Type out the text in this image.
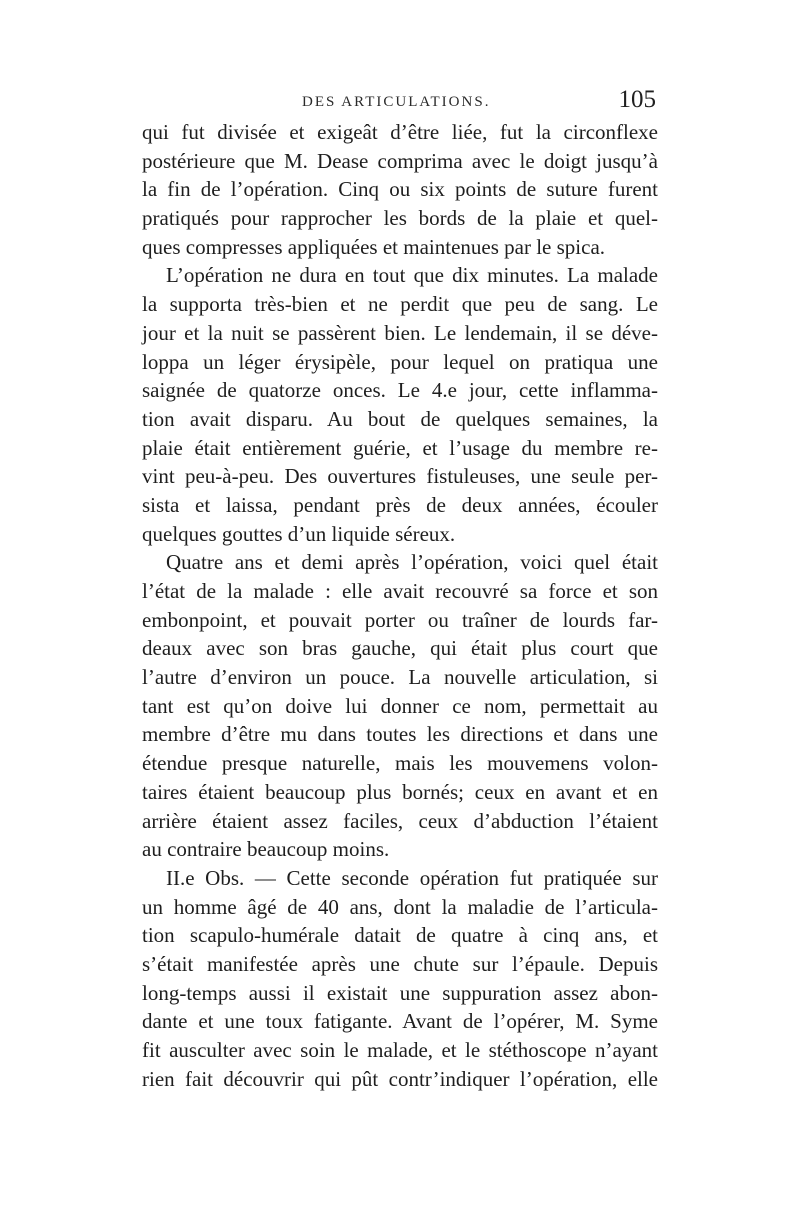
DES ARTICULATIONS.	105
qui fut divisée et exigeât d’être liée, fut la circonflexe
postérieure que M. Dease comprima avec le doigt jusqu’à
la fin de l’opération. Cinq ou six points de suture furent
pratiqués pour rapprocher les bords de la plaie et quel-
ques compresses appliquées et maintenues par le spica.
L’opération ne dura en tout que dix minutes. La malade
la supporta très-bien et ne perdit que peu de sang. Le
jour et la nuit se passèrent bien. Le lendemain, il se déve-
loppa un léger érysipèle, pour lequel on pratiqua une
saignée de quatorze onces. Le 4.e jour, cette inflamma-
tion avait disparu. Au bout de quelques semaines, la
plaie était entièrement guérie, et l’usage du membre re-
vint peu-à-peu. Des ouvertures fistuleuses, une seule per-
sista et laissa, pendant près de deux années, écouler
quelques gouttes d’un liquide séreux.
Quatre ans et demi après l’opération, voici quel était
l’état de la malade : elle avait recouvré sa force et son
embonpoint, et pouvait porter ou traîner de lourds far-
deaux avec son bras gauche, qui était plus court que
l’autre d’environ un pouce. La nouvelle articulation, si
tant est qu’on doive lui donner ce nom, permettait au
membre d’être mu dans toutes les directions et dans une
étendue presque naturelle, mais les mouvemens volon-
taires étaient beaucoup plus bornés; ceux en avant et en
arrière étaient assez faciles, ceux d’abduction l’étaient
au contraire beaucoup moins.
II.e Obs. — Cette seconde opération fut pratiquée sur
un homme âgé de 40 ans, dont la maladie de l’articula-
tion scapulo-humérale datait de quatre à cinq ans, et
s’était manifestée après une chute sur l’épaule. Depuis
long-temps aussi il existait une suppuration assez abon-
dante et une toux fatigante. Avant de l’opérer, M. Syme
fit ausculter avec soin le malade, et le stéthoscope n’ayant
rien fait découvrir qui pût contr’indiquer l’opération, elle
